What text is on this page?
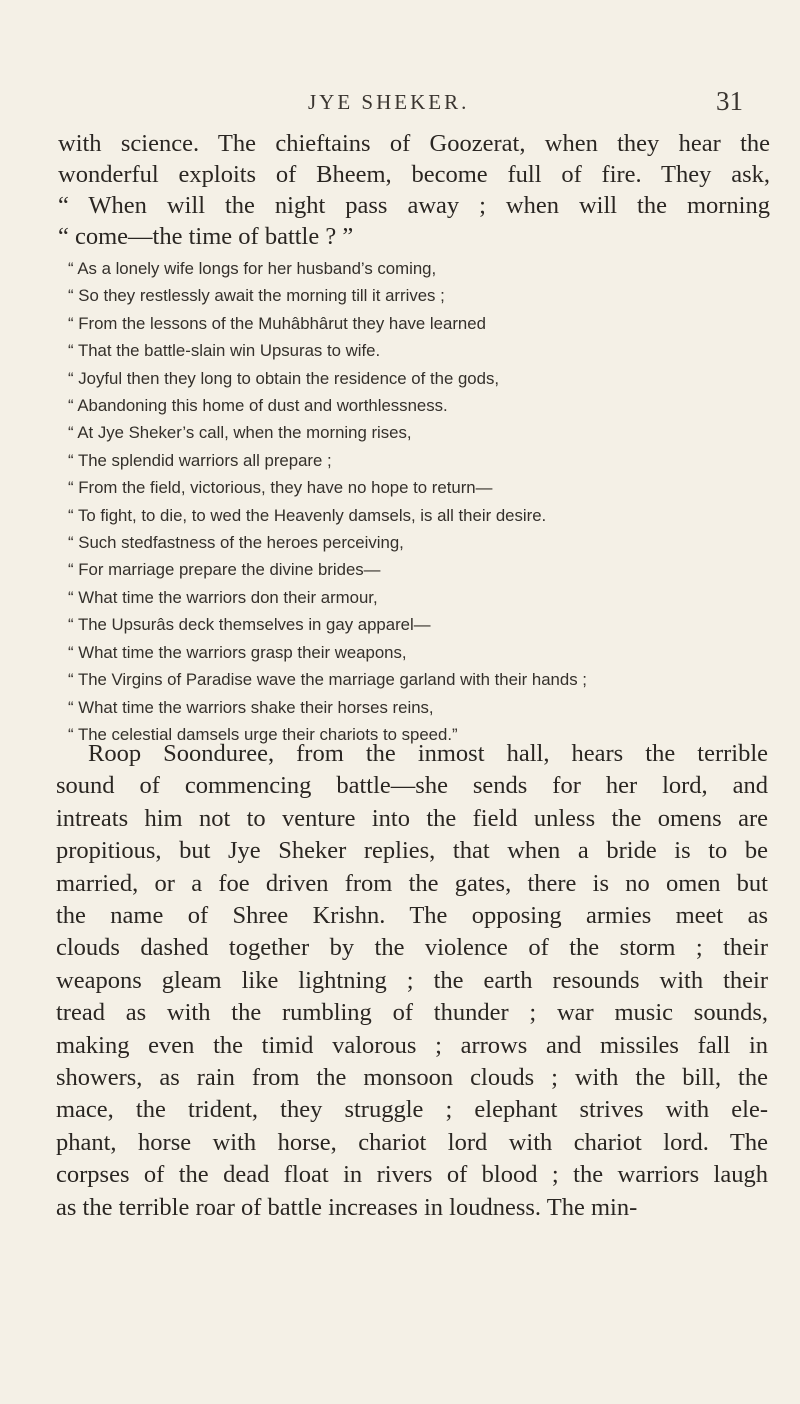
JYE SHEKER.	31
with science. The chieftains of Goozerat, when they hear the
wonderful exploits of Bheem, become full of fire. They ask,
“ When will the night pass away ; when will the morning
“ come—the time of battle ? ”
“ As a lonely wife longs for her husband’s coming,
“ So they restlessly await the morning till it arrives ;
“ From the lessons of the Muhâbhârut they have learned
“ That the battle-slain win Upsuras to wife.
“ Joyful then they long to obtain the residence of the gods,
“ Abandoning this home of dust and worthlessness.
“ At Jye Sheker’s call, when the morning rises,
“ The splendid warriors all prepare ;
“ From the field, victorious, they have no hope to return—
“ To fight, to die, to wed the Heavenly damsels, is all their desire.
“ Such stedfastness of the heroes perceiving,
“ For marriage prepare the divine brides—
“ What time the warriors don their armour,
“ The Upsurâs deck themselves in gay apparel—
“ What time the warriors grasp their weapons,
“ The Virgins of Paradise wave the marriage garland with their hands ;
“ What time the warriors shake their horses reins,
“ The celestial damsels urge their chariots to speed.”
Roop Soonduree, from the inmost hall, hears the terrible
sound of commencing battle—she sends for her lord, and
intreats him not to venture into the field unless the omens are
propitious, but Jye Sheker replies, that when a bride is to be
married, or a foe driven from the gates, there is no omen but
the name of Shree Krishn. The opposing armies meet as
clouds dashed together by the violence of the storm ; their
weapons gleam like lightning ; the earth resounds with their
tread as with the rumbling of thunder ; war music sounds,
making even the timid valorous ; arrows and missiles fall in
showers, as rain from the monsoon clouds ; with the bill, the
mace, the trident, they struggle ; elephant strives with ele-
phant, horse with horse, chariot lord with chariot lord. The
corpses of the dead float in rivers of blood ; the warriors laugh
as the terrible roar of battle increases in loudness. The min-
